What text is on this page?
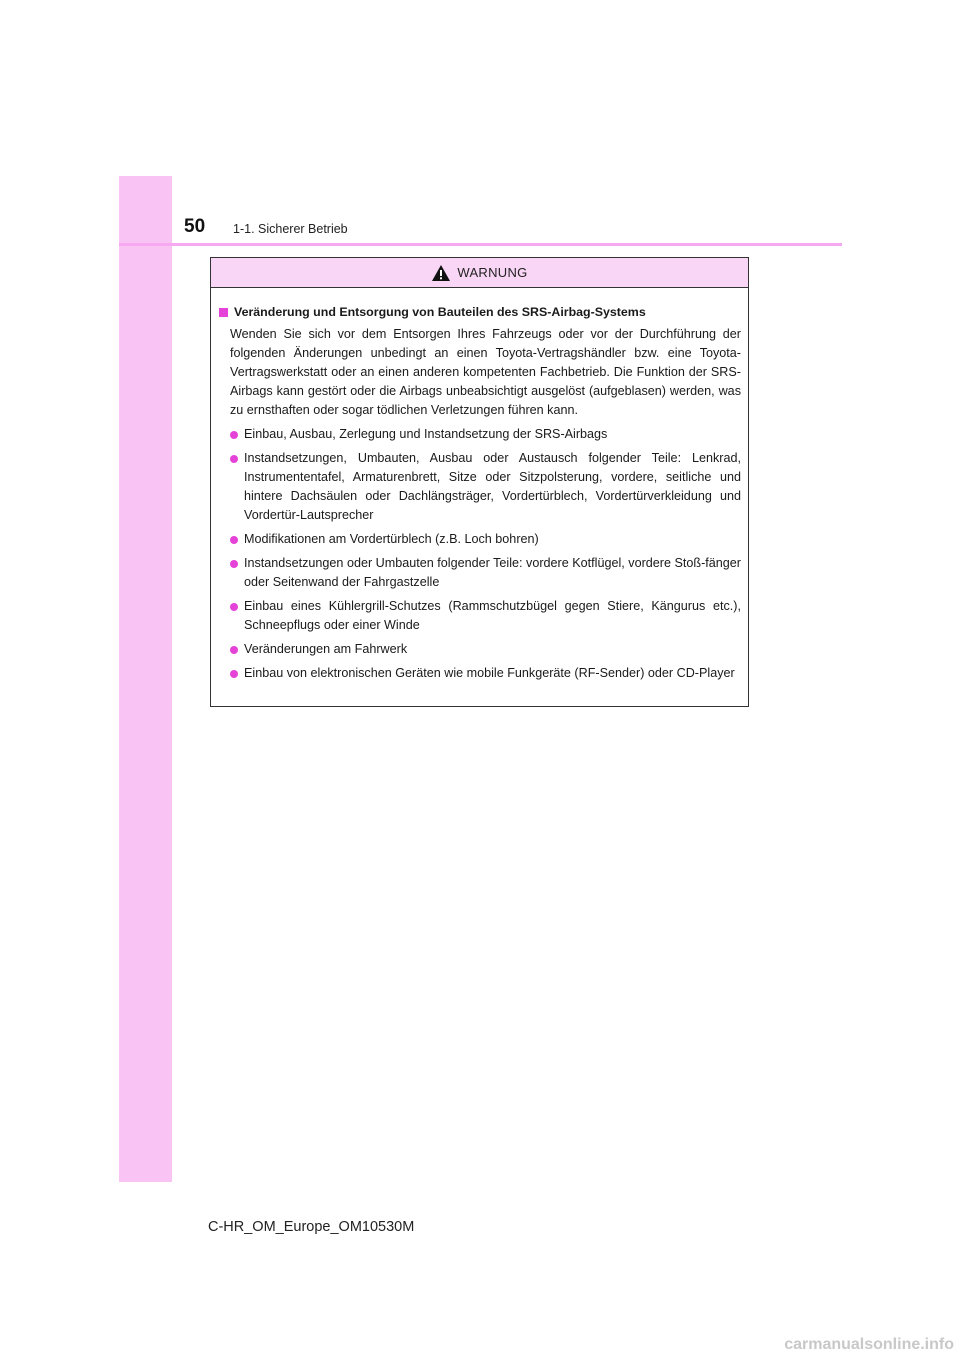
50 1-1. Sicherer Betrieb
WARNUNG
Veränderung und Entsorgung von Bauteilen des SRS-Airbag-Systems
Wenden Sie sich vor dem Entsorgen Ihres Fahrzeugs oder vor der Durchführung der folgenden Änderungen unbedingt an einen Toyota-Vertragshändler bzw. eine Toyota-Vertragswerkstatt oder an einen anderen kompetenten Fachbetrieb. Die Funktion der SRS-Airbags kann gestört oder die Airbags unbeabsichtigt ausgelöst (aufgeblasen) werden, was zu ernsthaften oder sogar tödlichen Verletzungen führen kann.
Einbau, Ausbau, Zerlegung und Instandsetzung der SRS-Airbags
Instandsetzungen, Umbauten, Ausbau oder Austausch folgender Teile: Lenkrad, Instrumententafel, Armaturenbrett, Sitze oder Sitzpolsterung, vordere, seitliche und hintere Dachsäulen oder Dachlängsträger, Vordertürblech, Vordertürverkleidung und Vordertür-Lautsprecher
Modifikationen am Vordertürblech (z.B. Loch bohren)
Instandsetzungen oder Umbauten folgender Teile: vordere Kotflügel, vordere Stoß-fänger oder Seitenwand der Fahrgastzelle
Einbau eines Kühlergrill-Schutzes (Rammschutzbügel gegen Stiere, Kängurus etc.), Schneepflugs oder einer Winde
Veränderungen am Fahrwerk
Einbau von elektronischen Geräten wie mobile Funkgeräte (RF-Sender) oder CD-Player
C-HR_OM_Europe_OM10530M
carmanualsonline.info
